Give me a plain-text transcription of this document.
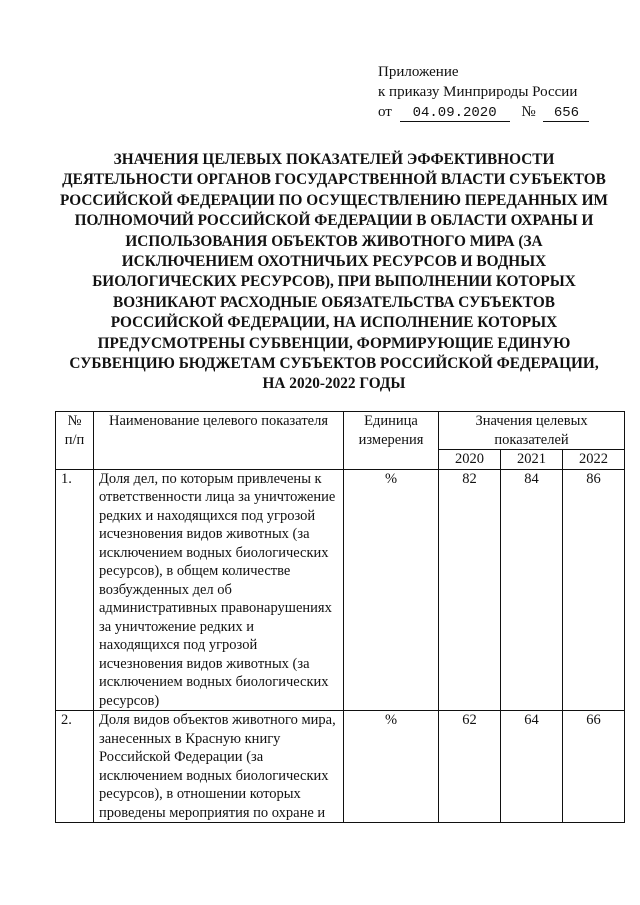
Приложение
к приказу Минприроды России
от 04.09.2020 № 656
ЗНАЧЕНИЯ ЦЕЛЕВЫХ ПОКАЗАТЕЛЕЙ ЭФФЕКТИВНОСТИ ДЕЯТЕЛЬНОСТИ ОРГАНОВ ГОСУДАРСТВЕННОЙ ВЛАСТИ СУБЪЕКТОВ РОССИЙСКОЙ ФЕДЕРАЦИИ ПО ОСУЩЕСТВЛЕНИЮ ПЕРЕДАННЫХ ИМ ПОЛНОМОЧИЙ РОССИЙСКОЙ ФЕДЕРАЦИИ В ОБЛАСТИ ОХРАНЫ И ИСПОЛЬЗОВАНИЯ ОБЪЕКТОВ ЖИВОТНОГО МИРА (ЗА ИСКЛЮЧЕНИЕМ ОХОТНИЧЬИХ РЕСУРСОВ И ВОДНЫХ БИОЛОГИЧЕСКИХ РЕСУРСОВ), ПРИ ВЫПОЛНЕНИИ КОТОРЫХ ВОЗНИКАЮТ РАСХОДНЫЕ ОБЯЗАТЕЛЬСТВА СУБЪЕКТОВ РОССИЙСКОЙ ФЕДЕРАЦИИ, НА ИСПОЛНЕНИЕ КОТОРЫХ ПРЕДУСМОТРЕНЫ СУБВЕНЦИИ, ФОРМИРУЮЩИЕ ЕДИНУЮ СУБВЕНЦИЮ БЮДЖЕТАМ СУБЪЕКТОВ РОССИЙСКОЙ ФЕДЕРАЦИИ, НА 2020-2022 ГОДЫ
№ п/п	Наименование целевого показателя	Единица измерения	Значения целевых показателей		
			2020	2021	2022
1.	Доля дел, по которым привлечены к ответственности лица за уничтожение редких и находящихся под угрозой исчезновения видов животных (за исключением водных биологических ресурсов), в общем количестве возбужденных дел об административных правонарушениях за уничтожение редких и находящихся под угрозой исчезновения видов животных (за исключением водных биологических ресурсов)	%	82	84	86
2.	Доля видов объектов животного мира, занесенных в Красную книгу Российской Федерации (за исключением водных биологических ресурсов), в отношении которых проведены мероприятия по охране и	%	62	64	66
